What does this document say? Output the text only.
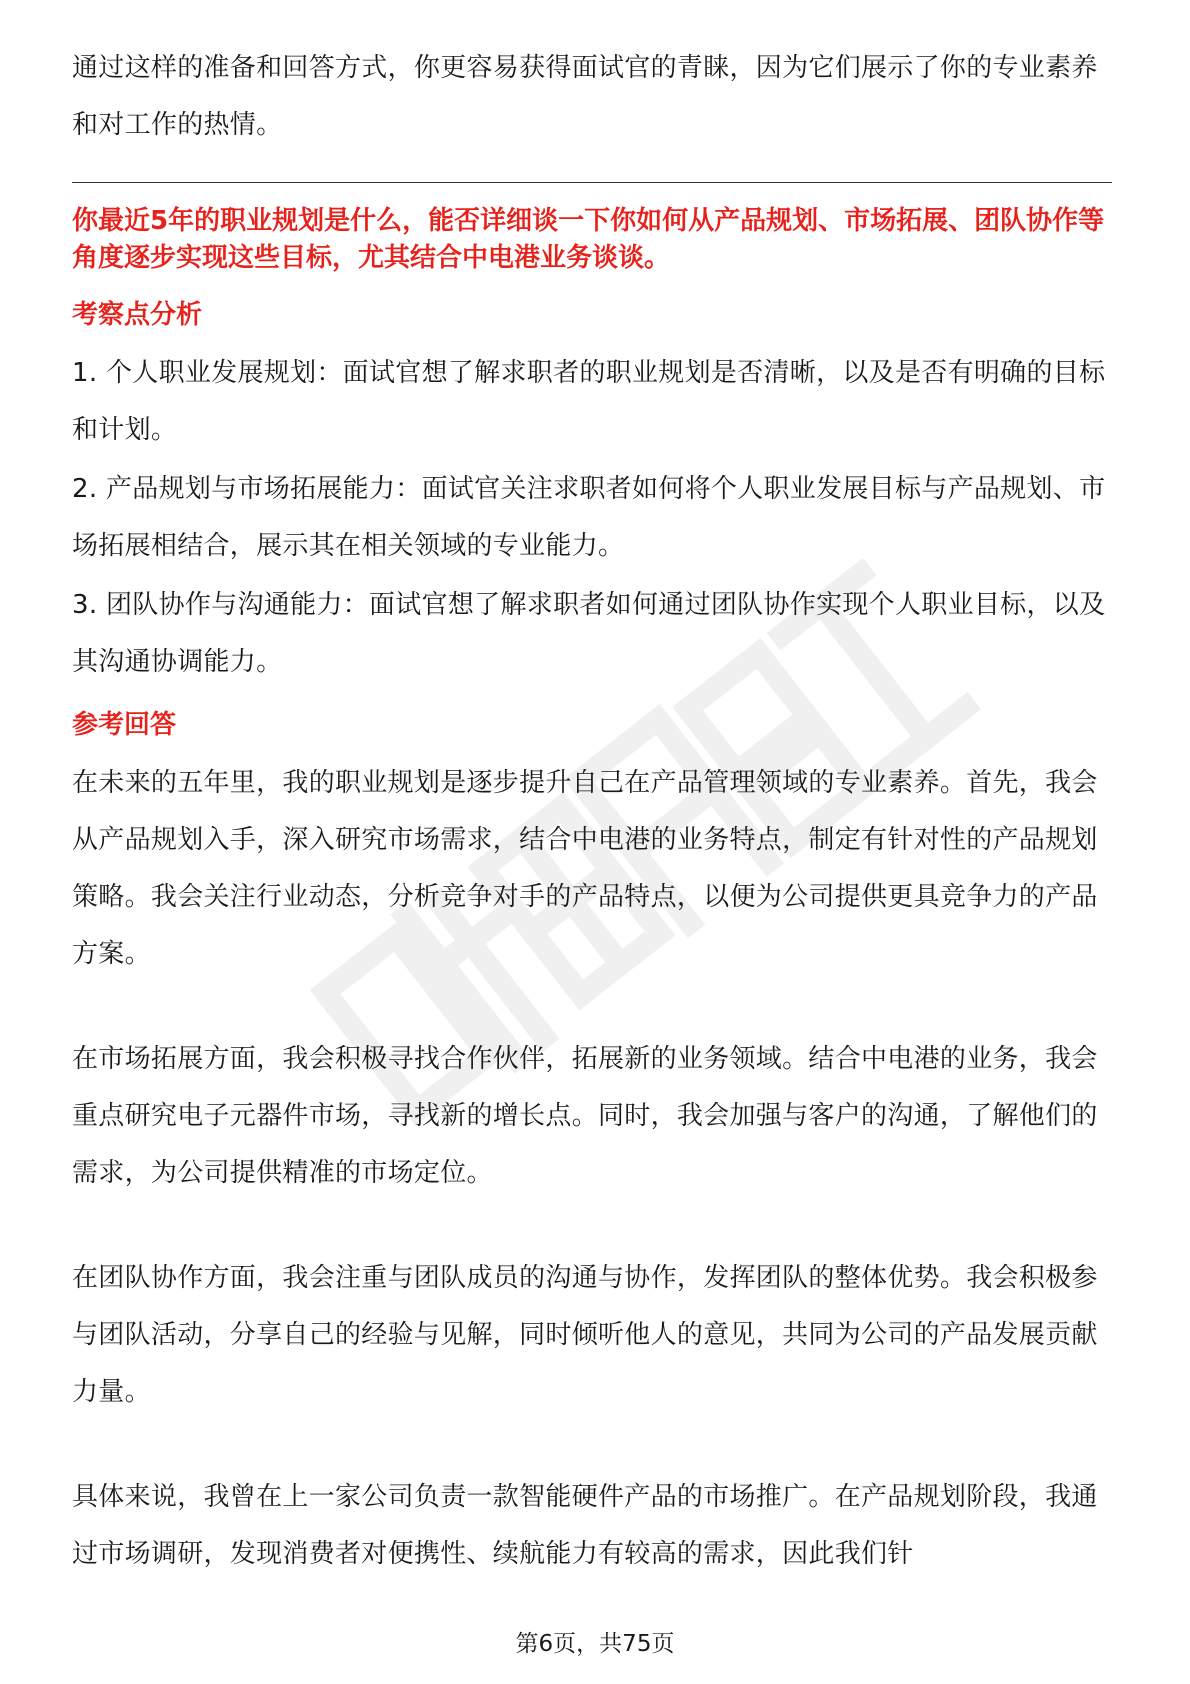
通过这样的准备和回答方式，你更容易获得面试官的青睐，因为它们展示了你的专业素养和对工作的热情。

你最近5年的职业规划是什么，能否详细谈一下你如何从产品规划、市场拓展、团队协作等角度逐步实现这些目标，尤其结合中电港业务谈谈。
考察点分析

1. 个人职业发展规划：面试官想了解求职者的职业规划是否清晰，以及是否有明确的目标和计划。

2. 产品规划与市场拓展能力：面试官关注求职者如何将个人职业发展目标与产品规划、市场拓展相结合，展示其在相关领域的专业能力。

3. 团队协作与沟通能力：面试官想了解求职者如何通过团队协作实现个人职业目标，以及其沟通协调能力。

参考回答

在未来的五年里，我的职业规划是逐步提升自己在产品管理领域的专业素养。首先，我会从产品规划入手，深入研究市场需求，结合中电港的业务特点，制定有针对性的产品规划策略。我会关注行业动态，分析竞争对手的产品特点，以便为公司提供更具竞争力的产品方案。

在市场拓展方面，我会积极寻找合作伙伴，拓展新的业务领域。结合中电港的业务，我会重点研究电子元器件市场，寻找新的增长点。同时，我会加强与客户的沟通，了解他们的需求，为公司提供精准的市场定位。

在团队协作方面，我会注重与团队成员的沟通与协作，发挥团队的整体优势。我会积极参与团队活动，分享自己的经验与见解，同时倾听他人的意见，共同为公司的产品发展贡献力量。

具体来说，我曾在上一家公司负责一款智能硬件产品的市场推广。在产品规划阶段，我通过市场调研，发现消费者对便携性、续航能力有较高的需求，因此我们针

第6页，共75页
